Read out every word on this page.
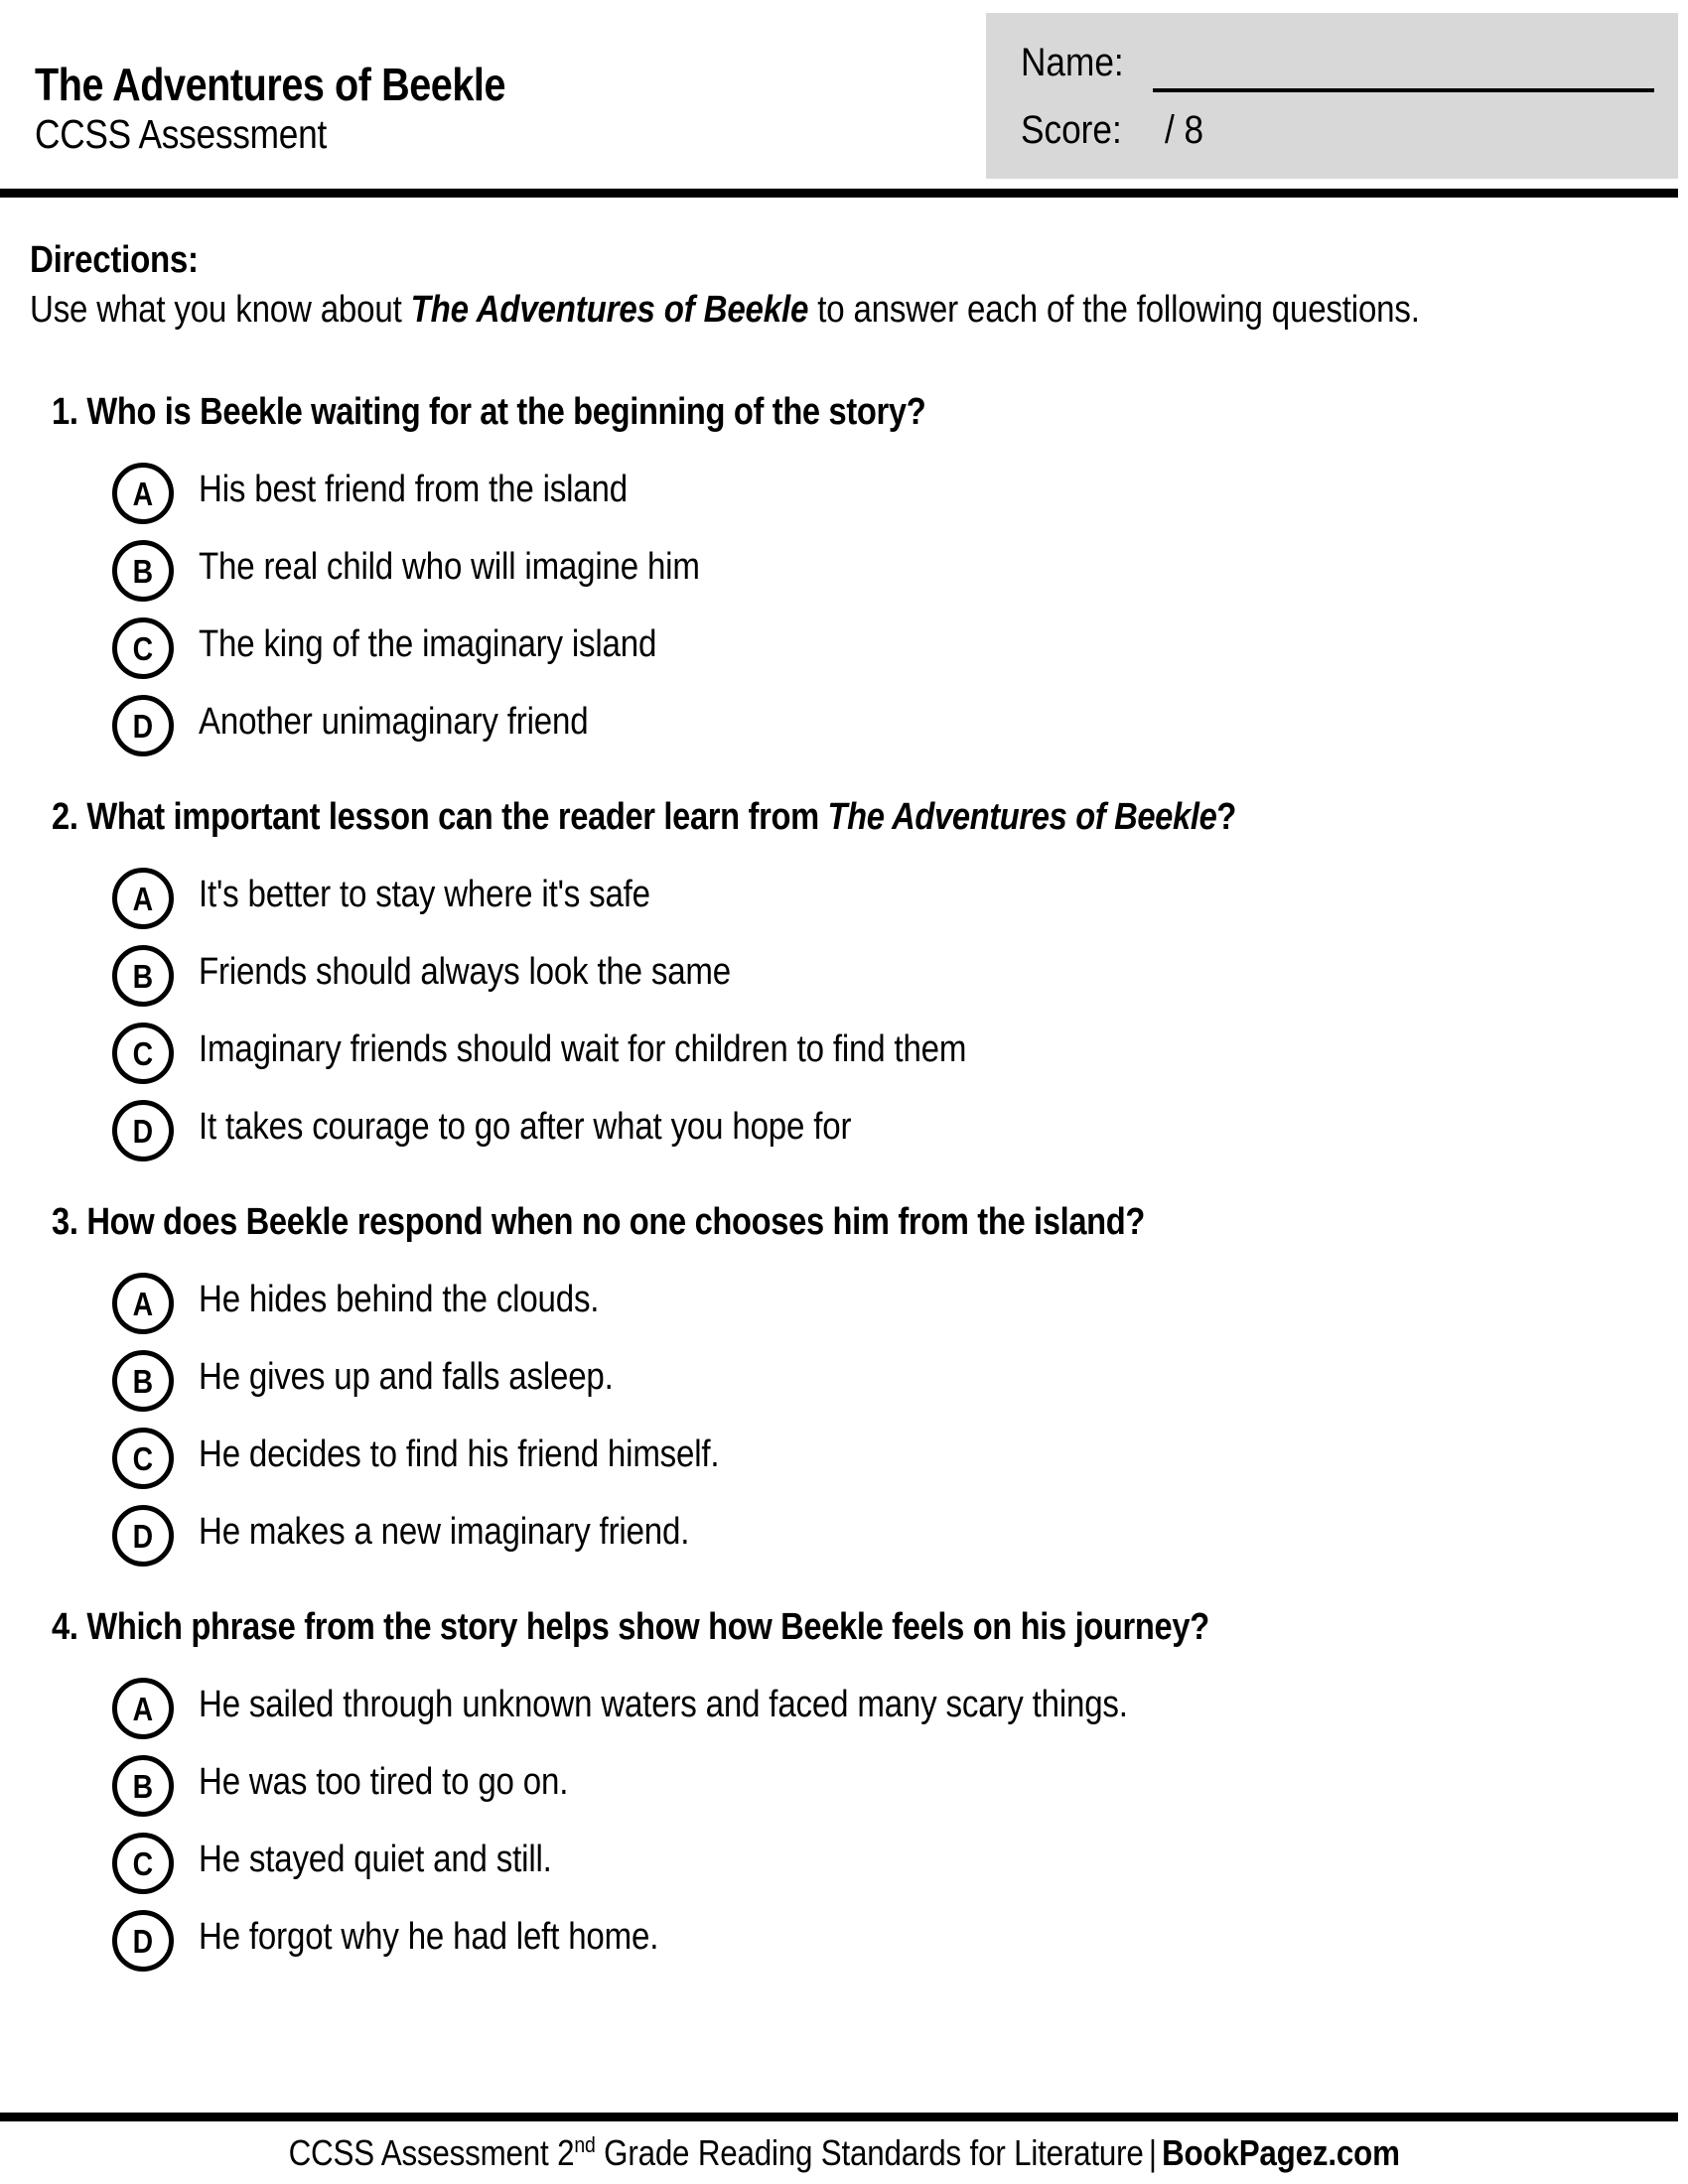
The Adventures of Beekle
CCSS Assessment
Name:
Score: / 8
Directions:
Use what you know about The Adventures of Beekle to answer each of the following questions.
1. Who is Beekle waiting for at the beginning of the story?
A His best friend from the island
B The real child who will imagine him
C The king of the imaginary island
D Another unimaginary friend
2. What important lesson can the reader learn from The Adventures of Beekle?
A It's better to stay where it's safe
B Friends should always look the same
C Imaginary friends should wait for children to find them
D It takes courage to go after what you hope for
3. How does Beekle respond when no one chooses him from the island?
A He hides behind the clouds.
B He gives up and falls asleep.
C He decides to find his friend himself.
D He makes a new imaginary friend.
4. Which phrase from the story helps show how Beekle feels on his journey?
A He sailed through unknown waters and faced many scary things.
B He was too tired to go on.
C He stayed quiet and still.
D He forgot why he had left home.
CCSS Assessment 2nd Grade Reading Standards for Literature | BookPagez.com
